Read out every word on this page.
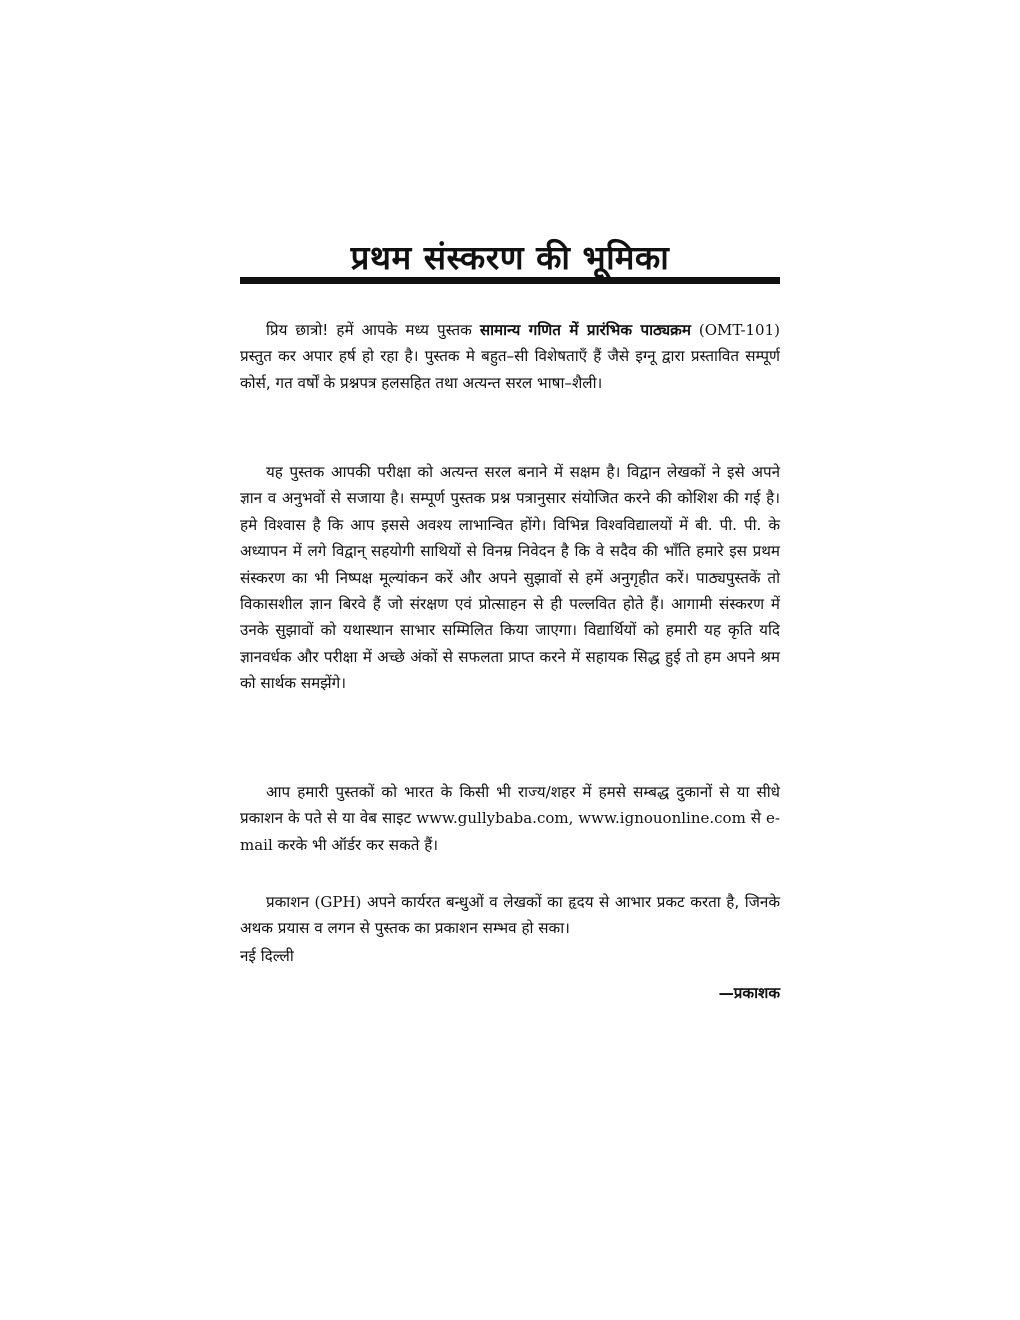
प्रथम संस्करण की भूमिका

प्रिय छात्रो! हमें आपके मध्य पुस्तक सामान्य गणित में प्रारंभिक पाठ्यक्रम (OMT-101) प्रस्तुत कर अपार हर्ष हो रहा है। पुस्तक मे बहुत–सी विशेषताएँ हैं जैसे इग्नू द्वारा प्रस्तावित सम्पूर्ण कोर्स, गत वर्षों के प्रश्नपत्र हलसहित तथा अत्यन्त सरल भाषा–शैली।

यह पुस्तक आपकी परीक्षा को अत्यन्त सरल बनाने में सक्षम है। विद्वान लेखकों ने इसे अपने ज्ञान व अनुभवों से सजाया है। सम्पूर्ण पुस्तक प्रश्न पत्रानुसार संयोजित करने की कोशिश की गई है। हमे विश्वास है कि आप इससे अवश्य लाभान्वित होंगे। विभिन्न विश्वविद्यालयों में बी. पी. पी. के अध्यापन में लगे विद्वान् सहयोगी साथियों से विनम्र निवेदन है कि वे सदैव की भाँति हमारे इस प्रथम संस्करण का भी निष्पक्ष मूल्यांकन करें और अपने सुझावों से हमें अनुगृहीत करें। पाठ्यपुस्तकें तो विकासशील ज्ञान बिरवे हैं जो संरक्षण एवं प्रोत्साहन से ही पल्लवित होते हैं। आगामी संस्करण में उनके सुझावों को यथास्थान साभार सम्मिलित किया जाएगा। विद्यार्थियों को हमारी यह कृति यदि ज्ञानवर्धक और परीक्षा में अच्छे अंकों से सफलता प्राप्त करने में सहायक सिद्ध हुई तो हम अपने श्रम को सार्थक समझेंगे।

आप हमारी पुस्तकों को भारत के किसी भी राज्य/शहर में हमसे सम्बद्ध दुकानों से या सीधे प्रकाशन के पते से या वेब साइट www.gullybaba.com, www.ignouonline.com से e-mail करके भी ऑर्डर कर सकते हैं।

प्रकाशन (GPH) अपने कार्यरत बन्धुओं व लेखकों का हृदय से आभार प्रकट करता है, जिनके अथक प्रयास व लगन से पुस्तक का प्रकाशन सम्भव हो सका।

नई दिल्ली
—प्रकाशक
